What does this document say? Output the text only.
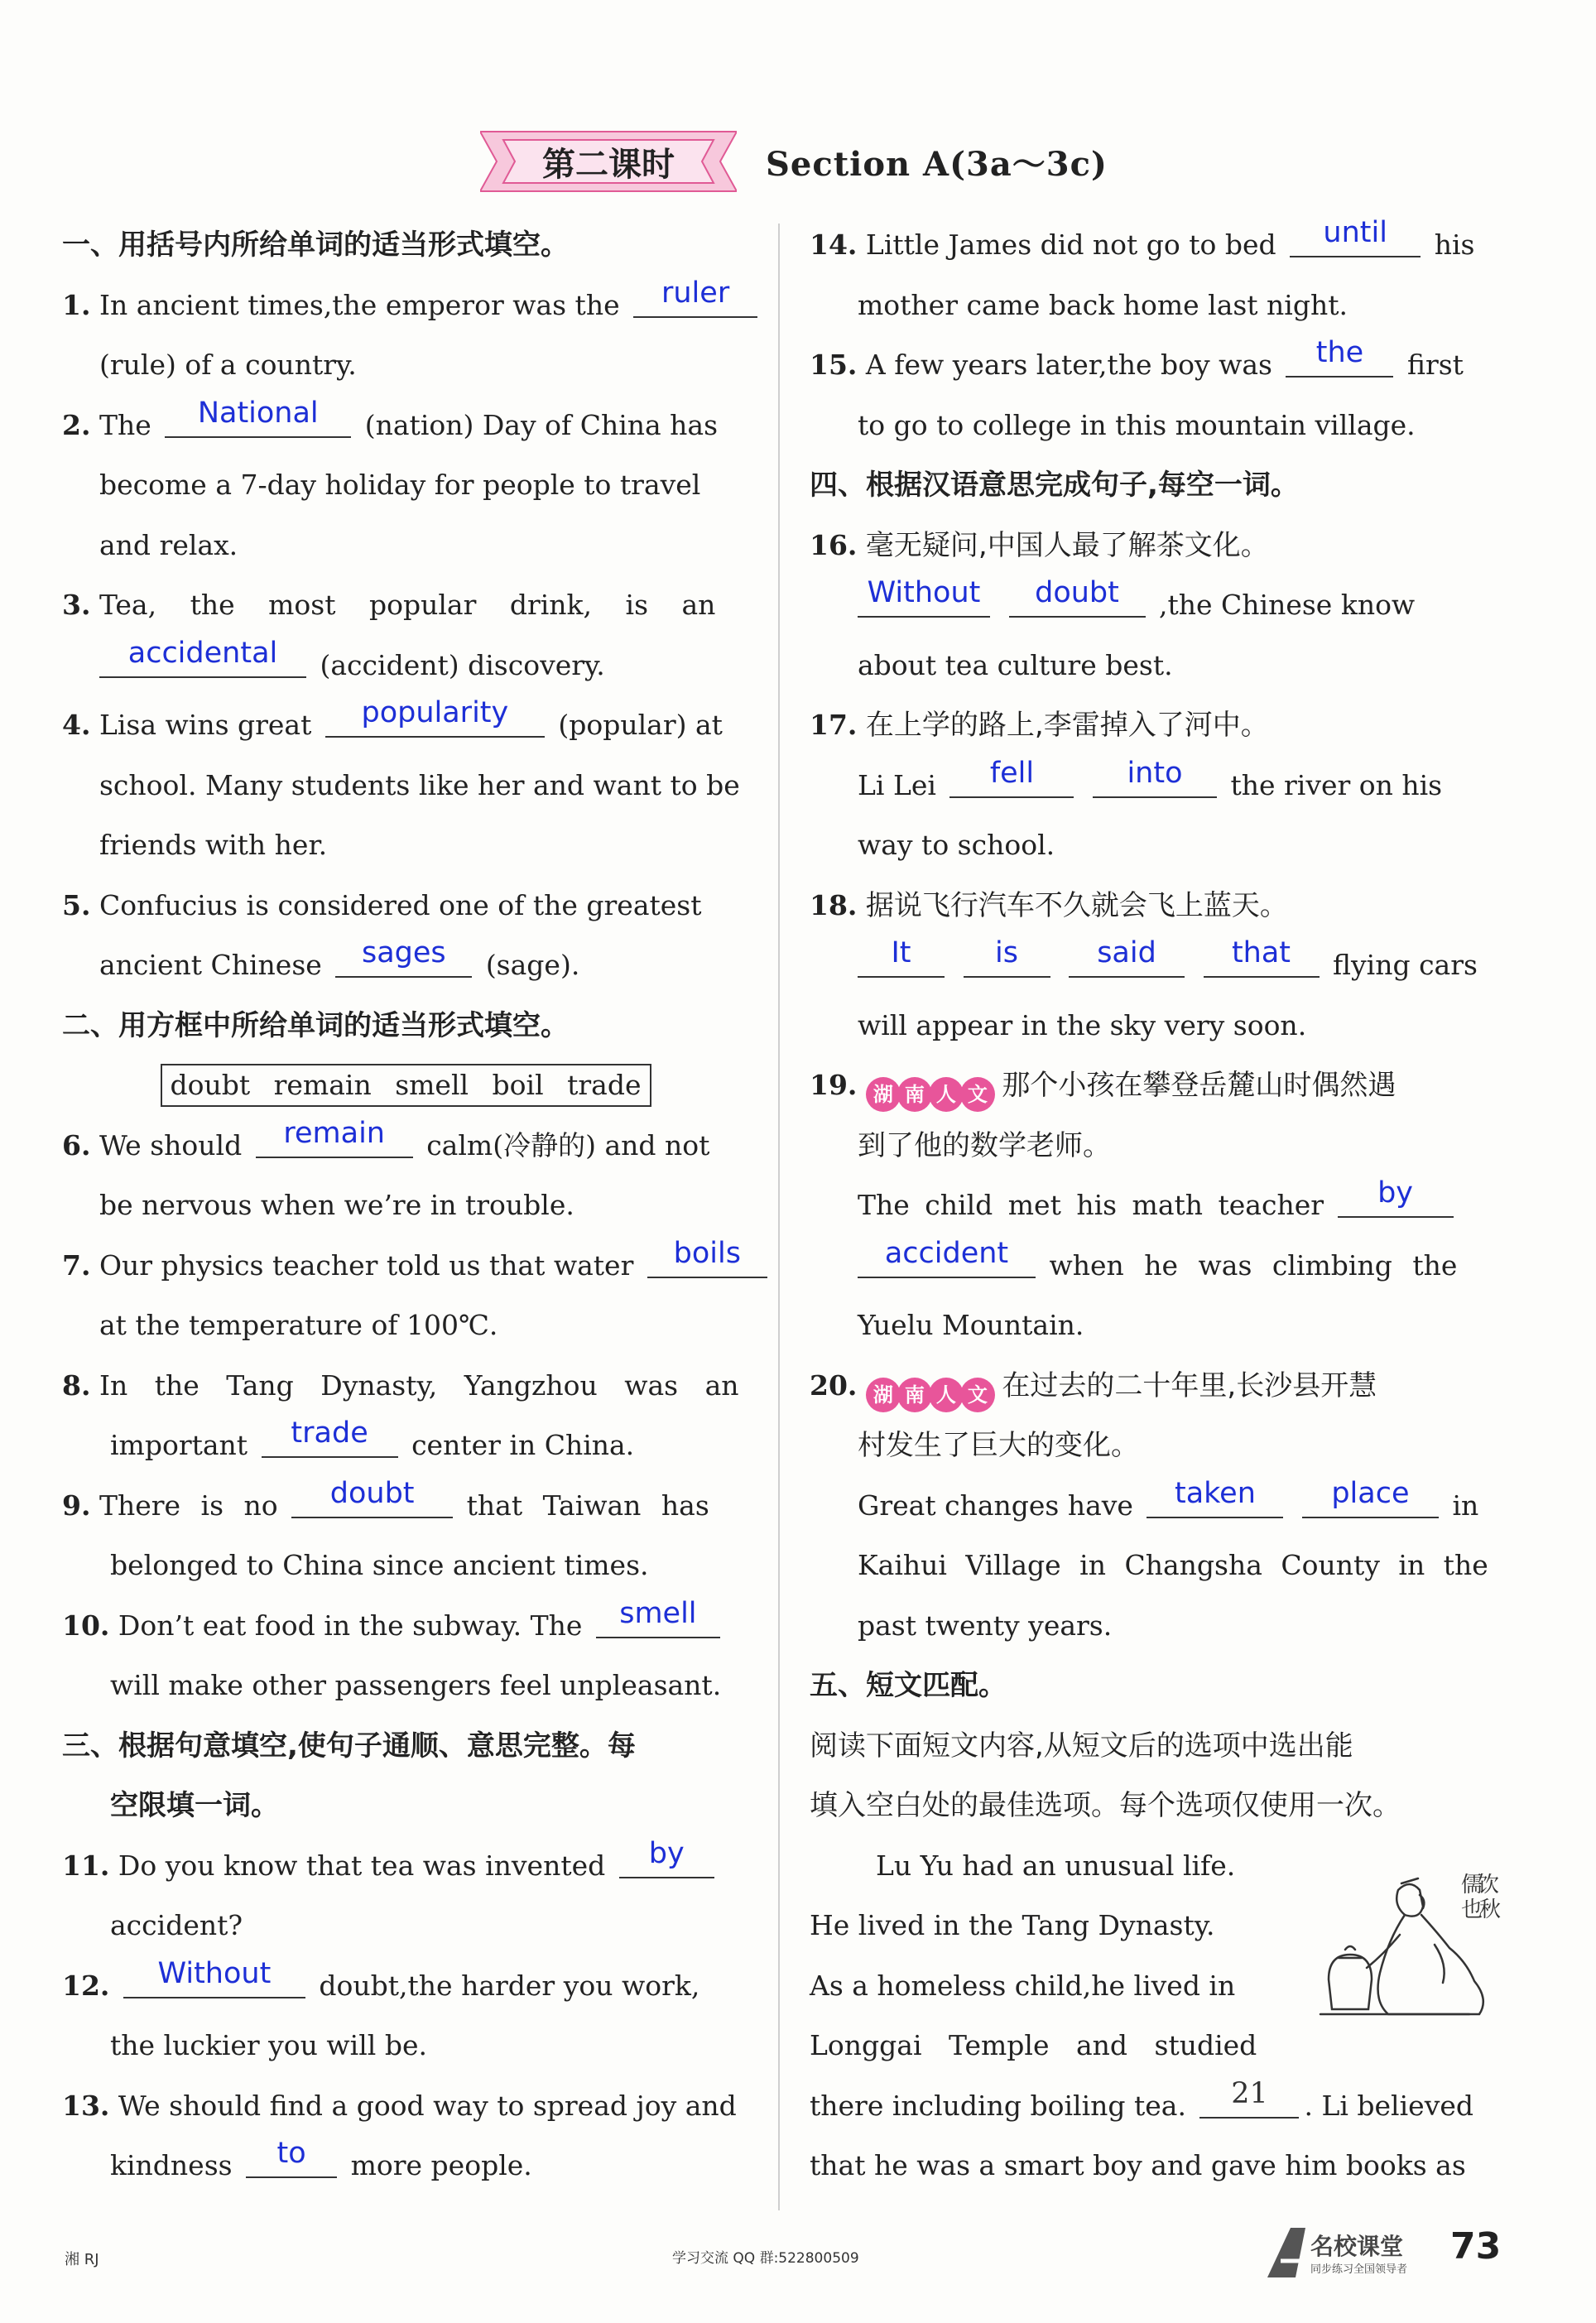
第二课时	Section A(3a～3c)
一、用括号内所给单词的适当形式填空。
1. In ancient times,the emperor was the	ruler
(rule) of a country.
2. The	National	(nation) Day of China has
become a 7-day holiday for people to travel
and relax.
3. Tea, the most popular drink, is an
accidental	(accident) discovery.
4. Lisa wins great	popularity	(popular) at
school. Many students like her and want to be
friends with her.
5. Confucius is considered one of the greatest
ancient Chinese	sages	(sage).
二、用方框中所给单词的适当形式填空。
doubt remain smell boil trade
6. We should	remain	calm(冷静的) and not
be nervous when we’re in trouble.
7. Our physics teacher told us that water	boils
at the temperature of 100℃.
8. In the Tang Dynasty, Yangzhou was an
important	trade	center in China.
9. There is no	doubt	that Taiwan has
belonged to China since ancient times.
10. Don’t eat food in the subway. The	smell
will make other passengers feel unpleasant.
三、根据句意填空,使句子通顺、意思完整。每
空限填一词。
11. Do you know that tea was invented	by
accident?
12.	Without	doubt,the harder you work,
the luckier you will be.
13. We should find a good way to spread joy and
kindness	to	more people.
14. Little James did not go to bed	until	his
mother came back home last night.
15. A few years later,the boy was	the	first
to go to college in this mountain village.
四、根据汉语意思完成句子,每空一词。
16. 毫无疑问,中国人最了解茶文化。
Without
	doubt	,the Chinese know
about tea culture best.
17. 在上学的路上,李雷掉入了河中。
Li Lei	fell
	into	the river on his
way to school.
18. 据说飞行汽车不久就会飞上蓝天。
It
	is
	said
	that	flying cars
will appear in the sky very soon.
19. 湖 南 人 文 那个小孩在攀登岳麓山时偶然遇
到了他的数学老师。
The child met his math teacher	by
accident	when he was climbing the
Yuelu Mountain.
20. 湖 南 人 文 在过去的二十年里,长沙县开慧
村发生了巨大的变化。
Great changes have	taken
	place	in
Kaihui Village in Changsha County in the
past twenty years.
五、短文匹配。
阅读下面短文内容,从短文后的选项中选出能
填入空白处的最佳选项。每个选项仅使用一次。
Lu Yu had an unusual life.
He lived in the Tang Dynasty.
As a homeless child,he lived in
Longgai Temple and studied
there including boiling tea.	21	. Li believed
that he was a smart boy and gave him books as
儒
饮
也
秋
湘 RJ	学习交流 QQ 群:522800509	名校课堂
同步练习全国领导者
73
